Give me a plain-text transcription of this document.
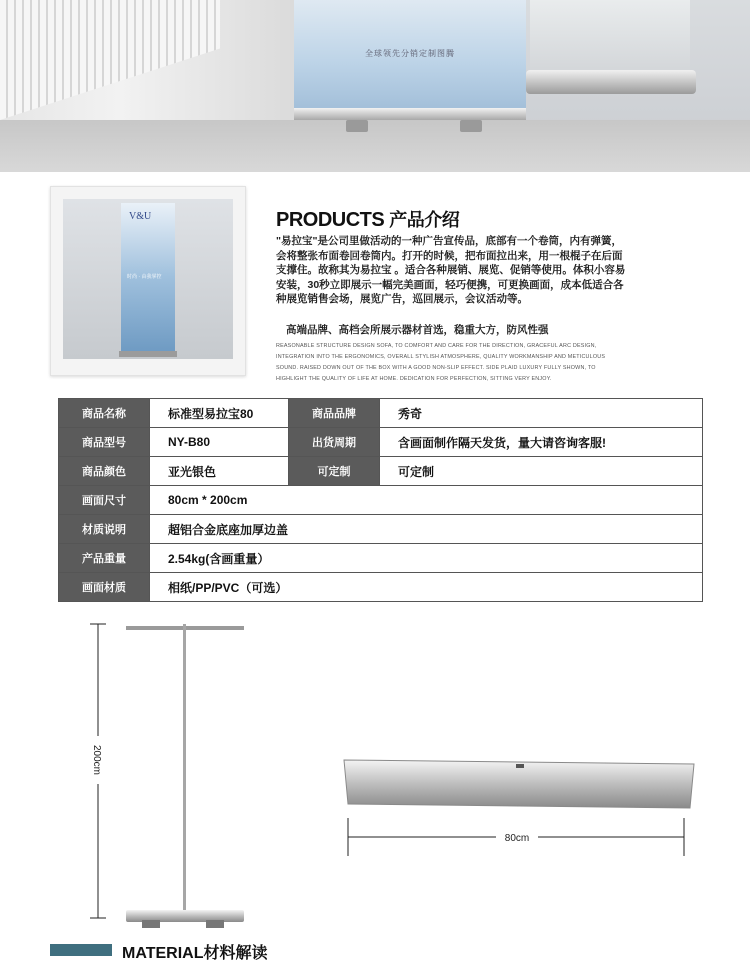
全球领先分销定制图腾
V&U
时尚 · 由我掌控
PRODUCTS 产品介绍
"易拉宝"是公司里做活动的一种广告宣传品，底部有一个卷筒，内有弹簧，会将整张布面卷回卷筒内。打开的时候，把布面拉出来，用一根棍子在后面支撑住。故称其为易拉宝 。适合各种展销、展览、促销等使用。体积小容易安装，30秒立即展示一幅完美画面，轻巧便携，可更换画面，成本低适合各种展览销售会场，展览广告，巡回展示，会议活动等。
高端品牌、高档会所展示器材首选，稳重大方，防风性强
REASONABLE STRUCTURE DESIGN SOFA, TO COMFORT AND CARE FOR THE DIRECTION, GRACEFUL ARC DESIGN, INTEGRATION INTO THE ERGONOMICS, OVERALL STYLISH ATMOSPHERE, QUALITY WORKMANSHIP AND METICULOUS SOUND. RAISED DOWN OUT OF THE BOX WITH A GOOD NON-SLIP EFFECT. SIDE PLAID LUXURY FULLY SHOWN, TO HIGHLIGHT THE QUALITY OF LIFE AT HOME. DEDICATION FOR PERFECTION, SITTING VERY ENJOY.
商品名称	标准型易拉宝80	商品品牌	秀奇
商品型号	NY-B80	出货周期	含画面制作隔天发货，量大请咨询客服!
商品颜色	亚光银色	可定制	可定制
画面尺寸	80cm * 200cm		
材质说明	超铝合金底座加厚边盖		
产品重量	2.54kg(含画重量）		
画面材质	相纸/PP/PVC（可选）		
200cm
80cm
MATERIAL材料解读
